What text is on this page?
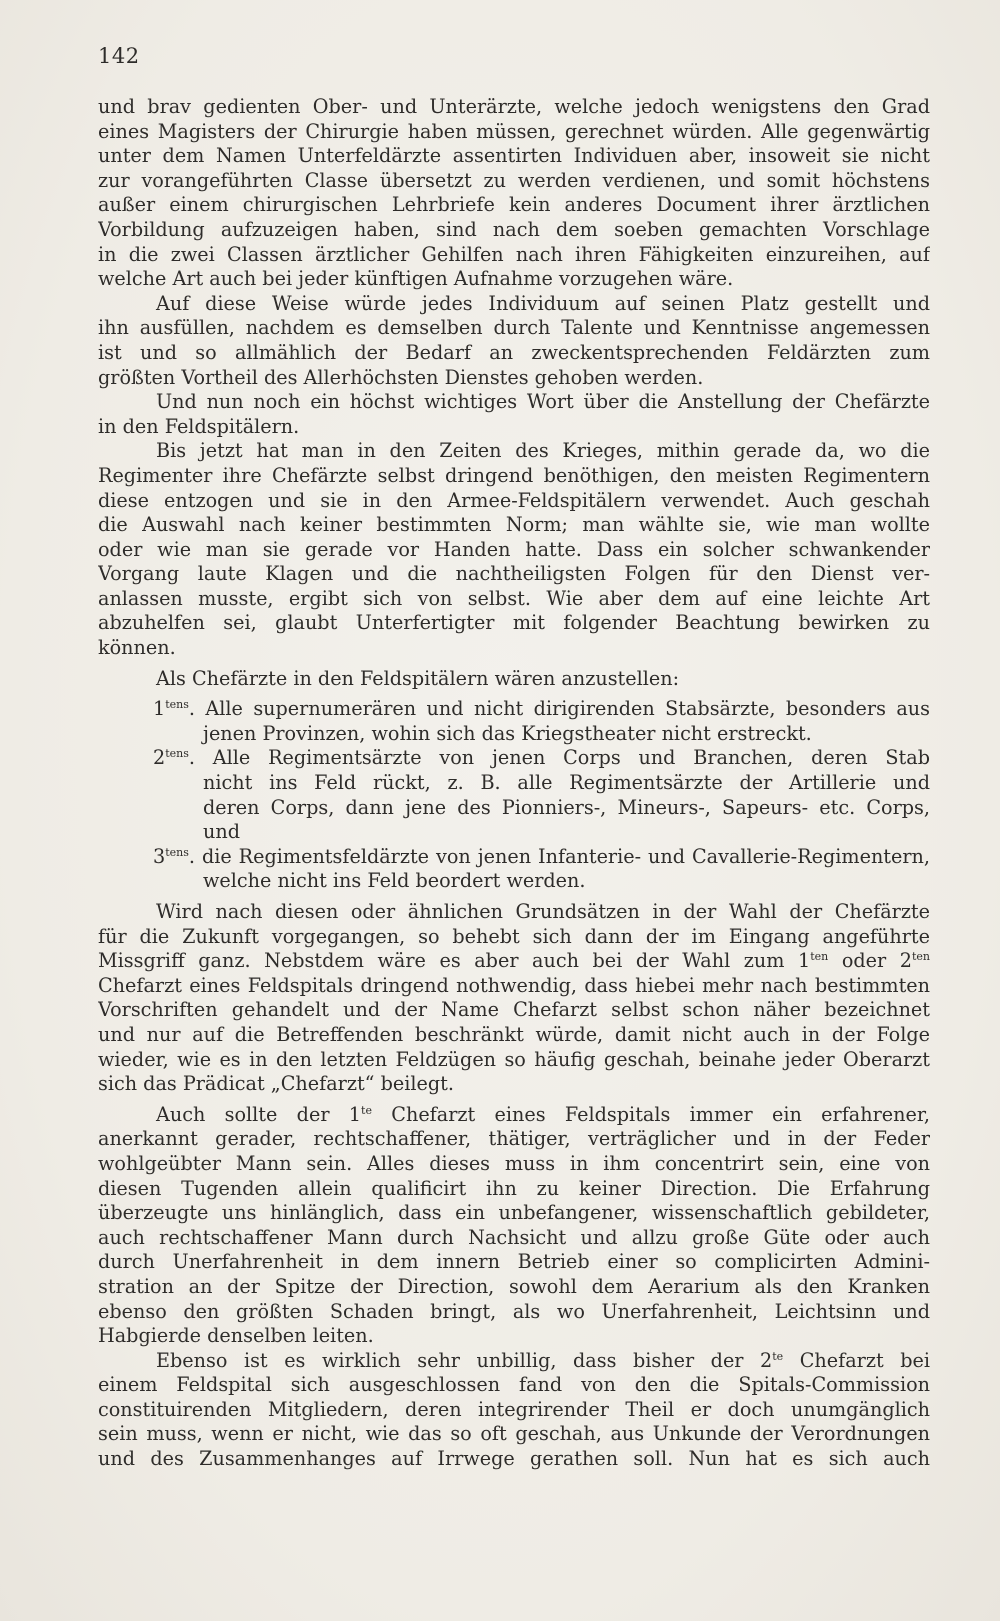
142
und brav gedienten Ober- und Unterärzte, welche jedoch wenigstens den Grad
eines Magisters der Chirurgie haben müssen, gerechnet würden. Alle gegenwärtig
unter dem Namen Unterfeldärzte assentirten Individuen aber, insoweit sie nicht
zur vorangeführten Classe übersetzt zu werden verdienen, und somit höchstens
außer einem chirurgischen Lehrbriefe kein anderes Document ihrer ärztlichen
Vorbildung aufzuzeigen haben, sind nach dem soeben gemachten Vorschlage
in die zwei Classen ärztlicher Gehilfen nach ihren Fähigkeiten einzureihen, auf
welche Art auch bei jeder künftigen Aufnahme vorzugehen wäre.
Auf diese Weise würde jedes Individuum auf seinen Platz gestellt und
ihn ausfüllen, nachdem es demselben durch Talente und Kenntnisse angemessen
ist und so allmählich der Bedarf an zweckentsprechenden Feldärzten zum
größten Vortheil des Allerhöchsten Dienstes gehoben werden.
Und nun noch ein höchst wichtiges Wort über die Anstellung der Chefärzte
in den Feldspitälern.
Bis jetzt hat man in den Zeiten des Krieges, mithin gerade da, wo die
Regimenter ihre Chefärzte selbst dringend benöthigen, den meisten Regimentern
diese entzogen und sie in den Armee-Feldspitälern verwendet. Auch geschah
die Auswahl nach keiner bestimmten Norm; man wählte sie, wie man wollte
oder wie man sie gerade vor Handen hatte. Dass ein solcher schwankender
Vorgang laute Klagen und die nachtheiligsten Folgen für den Dienst ver-
anlassen musste, ergibt sich von selbst. Wie aber dem auf eine leichte Art
abzuhelfen sei, glaubt Unterfertigter mit folgender Beachtung bewirken zu
können.
Als Chefärzte in den Feldspitälern wären anzustellen:
$1^{tens}$. Alle supernumerären und nicht dirigirenden Stabsärzte, besonders aus
jenen Provinzen, wohin sich das Kriegstheater nicht erstreckt.
$2^{tens}$. Alle Regimentsärzte von jenen Corps und Branchen, deren Stab
nicht ins Feld rückt, z. B. alle Regimentsärzte der Artillerie und
deren Corps, dann jene des Pionniers-, Mineurs-, Sapeurs- etc. Corps,
und
$3^{tens}$. die Regimentsfeldärzte von jenen Infanterie- und Cavallerie-Regimentern,
welche nicht ins Feld beordert werden.
Wird nach diesen oder ähnlichen Grundsätzen in der Wahl der Chefärzte
für die Zukunft vorgegangen, so behebt sich dann der im Eingang angeführte
Missgriff ganz. Nebstdem wäre es aber auch bei der Wahl zum $1^{ten}$ oder $2^{ten}$
Chefarzt eines Feldspitals dringend nothwendig, dass hiebei mehr nach bestimmten
Vorschriften gehandelt und der Name Chefarzt selbst schon näher bezeichnet
und nur auf die Betreffenden beschränkt würde, damit nicht auch in der Folge
wieder, wie es in den letzten Feldzügen so häufig geschah, beinahe jeder Oberarzt
sich das Prädicat „Chefarzt“ beilegt.
Auch sollte der $1^{te}$ Chefarzt eines Feldspitals immer ein erfahrener,
anerkannt gerader, rechtschaffener, thätiger, verträglicher und in der Feder
wohlgeübter Mann sein. Alles dieses muss in ihm concentrirt sein, eine von
diesen Tugenden allein qualificirt ihn zu keiner Direction. Die Erfahrung
überzeugte uns hinlänglich, dass ein unbefangener, wissenschaftlich gebildeter,
auch rechtschaffener Mann durch Nachsicht und allzu große Güte oder auch
durch Unerfahrenheit in dem innern Betrieb einer so complicirten Admini-
stration an der Spitze der Direction, sowohl dem Aerarium als den Kranken
ebenso den größten Schaden bringt, als wo Unerfahrenheit, Leichtsinn und
Habgierde denselben leiten.
Ebenso ist es wirklich sehr unbillig, dass bisher der $2^{te}$ Chefarzt bei
einem Feldspital sich ausgeschlossen fand von den die Spitals-Commission
constituirenden Mitgliedern, deren integrirender Theil er doch unumgänglich
sein muss, wenn er nicht, wie das so oft geschah, aus Unkunde der Verordnungen
und des Zusammenhanges auf Irrwege gerathen soll. Nun hat es sich auch
